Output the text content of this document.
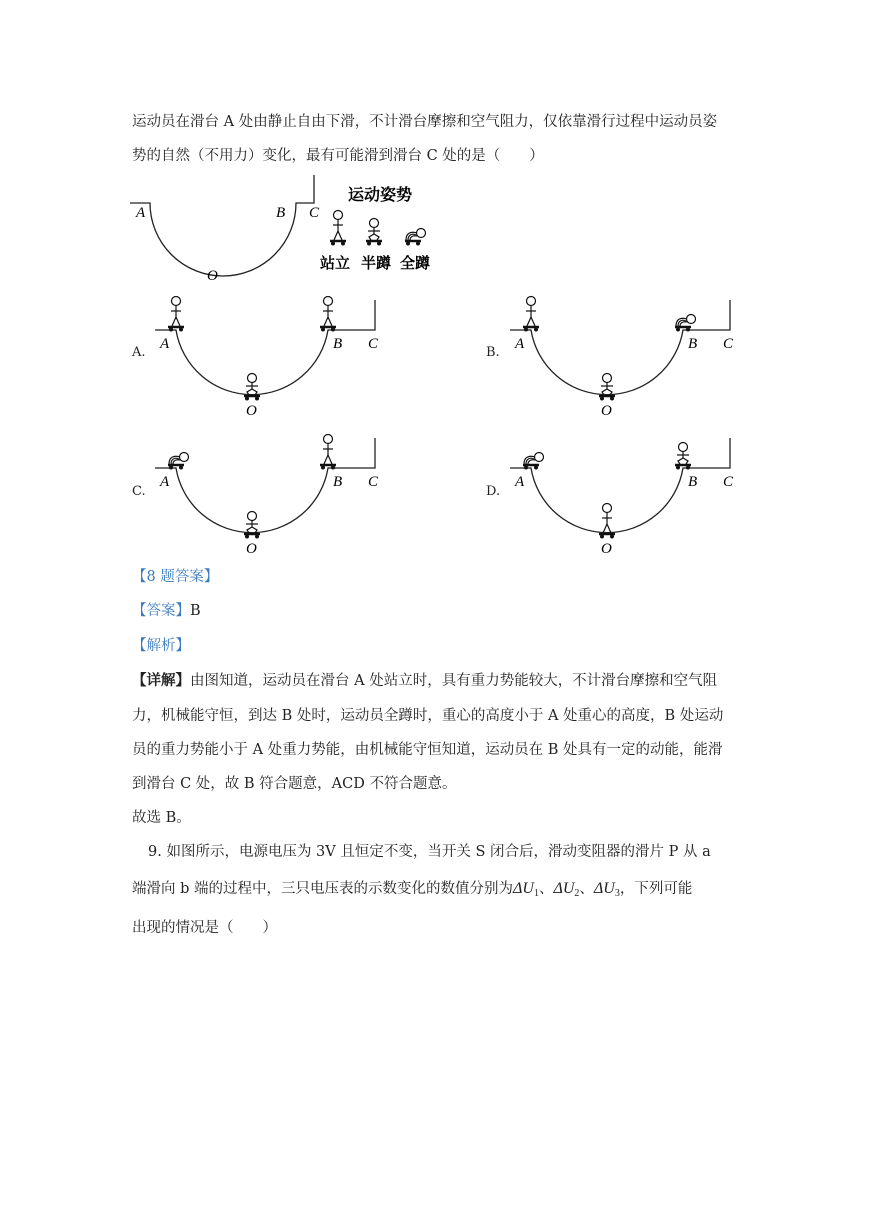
运动员在滑台 A 处由静止自由下滑，不计滑台摩擦和空气阻力，仅依靠滑行过程中运动员姿
势的自然（不用力）变化，最有可能滑到滑台 C 处的是（　　）
A	B C
O
运动姿势
站立 半蹲 全蹲
A.	B.
C.	D.
A	B C
O
A	B C
O
A	B C
O
A	B C
O
【8 题答案】
【答案】B
【解析】
【详解】由图知道，运动员在滑台 A 处站立时，具有重力势能较大，不计滑台摩擦和空气阻
力，机械能守恒，到达 B 处时，运动员全蹲时，重心的高度小于 A 处重心的高度，B 处运动
员的重力势能小于 A 处重力势能，由机械能守恒知道，运动员在 B 处具有一定的动能，能滑
到滑台 C 处，故 B 符合题意，ACD 不符合题意。
故选 B。
9. 如图所示，电源电压为 3V 且恒定不变，当开关 S 闭合后，滑动变阻器的滑片 P 从 a
端滑向 b 端的过程中，三只电压表的示数变化的数值分别为$\Delta U_1$、$\Delta U_2$、$\Delta U_3$，下列可能
出现的情况是（　　）
